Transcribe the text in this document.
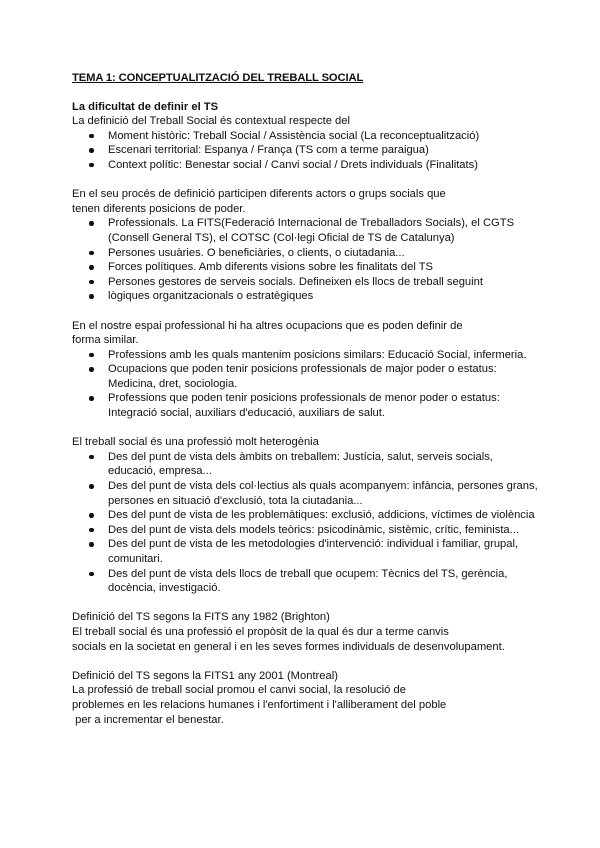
TEMA 1: CONCEPTUALITZACIÓ DEL TREBALL SOCIAL

La dificultat de definir el TS

La definició del Treball Social és contextual respecte del

Moment històric: Treball Social / Assistència social (La reconceptualització)
Escenari territorial: Espanya / França (TS com a terme paraigua)
Context polític: Benestar social / Canvi social / Drets individuals (Finalitats)

En el seu procés de definició participen diferents actors o grups socials que

tenen diferents posicions de poder.

Professionals. La FITS(Federació Internacional de Treballadors Socials), el CGTS (Consell General TS), el COTSC (Col·legi Oficial de TS de Catalunya)
Persones usuàries. O beneficiàries, o clients, o ciutadania...
Forces polítiques. Amb diferents visions sobre les finalitats del TS
Persones gestores de serveis socials. Defineixen els llocs de treball seguint
lògiques organitzacionals o estratègiques

En el nostre espai professional hi ha altres ocupacions que es poden definir de

forma similar.

Professions amb les quals mantenim posicions similars: Educació Social, infermeria.
Ocupacions que poden tenir posicions professionals de major poder o estatus: Medicina, dret, sociologia.
Professions que poden tenir posicions professionals de menor poder o estatus: Integració social, auxiliars d'educació, auxiliars de salut.

El treball social és una professió molt heterogènia

Des del punt de vista dels àmbits on treballem: Justícia, salut, serveis socials, educació, empresa...
Des del punt de vista dels col·lectius als quals acompanyem: infància, persones grans, persones en situació d'exclusió, tota la ciutadania...
Des del punt de vista de les problemàtiques: exclusió, addicions, víctimes de violència
Des del punt de vista dels models teòrics: psicodinàmic, sistèmic, crític, feminista...
Des del punt de vista de les metodologies d'intervenció: individual i familiar, grupal, comunitari.
Des del punt de vista dels llocs de treball que ocupem: Tècnics del TS, gerència, docència, investigació.

Definició del TS segons la FITS any 1982 (Brighton)

El treball social és una professió el propòsit de la qual és dur a terme canvis

socials en la societat en general i en les seves formes individuals de desenvolupament.

Definició del TS segons la FITS1 any 2001 (Montreal)

La professió de treball social promou el canvi social, la resolució de

problemes en les relacions humanes i l'enfortiment i l'alliberament del poble

per a incrementar el benestar.
